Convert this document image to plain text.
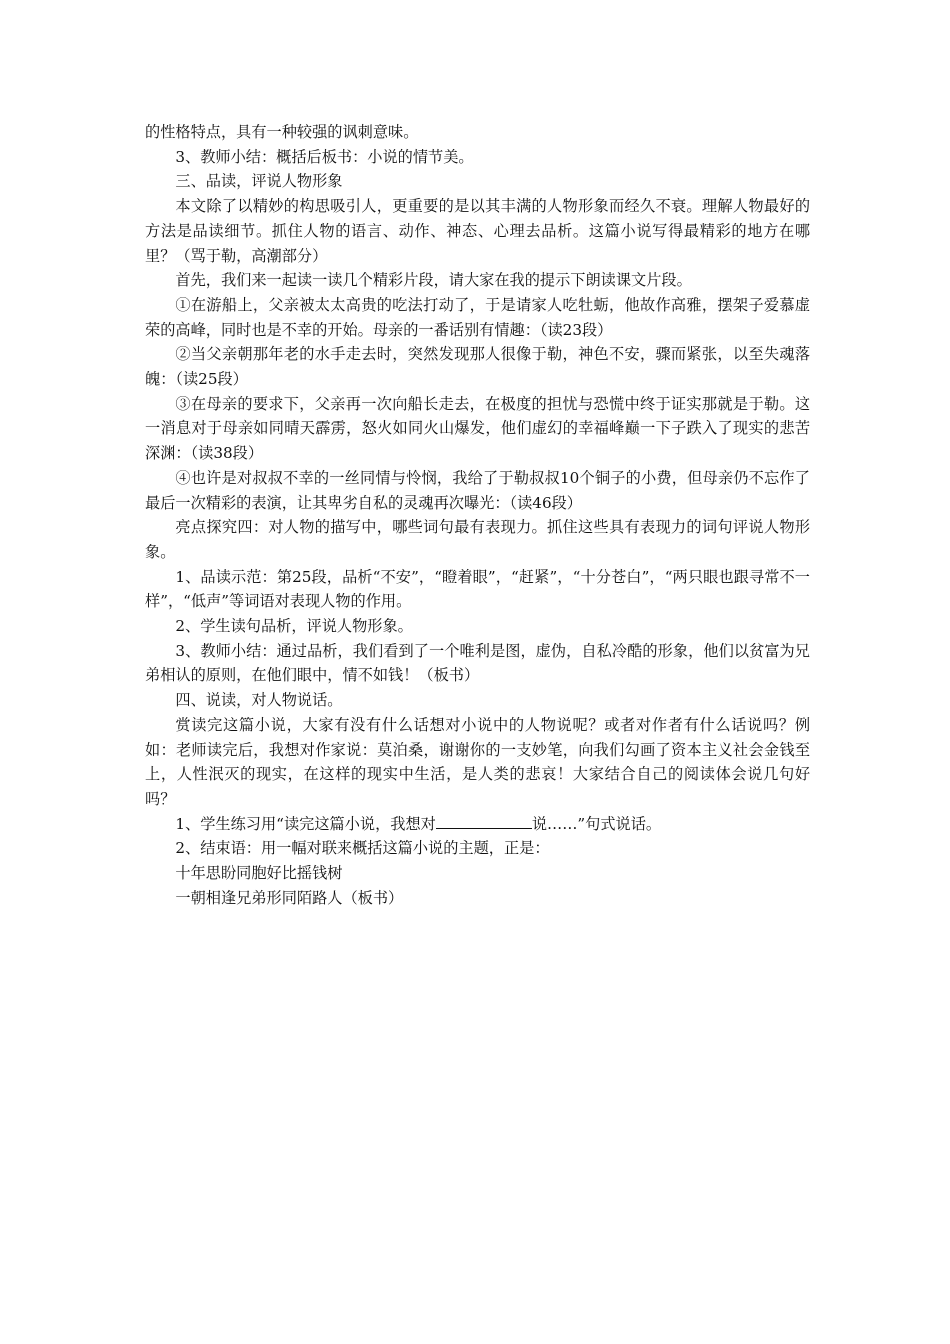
的性格特点，具有一种较强的讽刺意味。

3、教师小结：概括后板书：小说的情节美。

三、品读，评说人物形象

本文除了以精妙的构思吸引人，更重要的是以其丰满的人物形象而经久不衰。理解人物最好的方法是品读细节。抓住人物的语言、动作、神态、心理去品析。这篇小说写得最精彩的地方在哪里？（骂于勒，高潮部分）

首先，我们来一起读一读几个精彩片段，请大家在我的提示下朗读课文片段。

①在游船上，父亲被太太高贵的吃法打动了，于是请家人吃牡蛎，他故作高雅，摆架子爱慕虚荣的高峰，同时也是不幸的开始。母亲的一番话别有情趣：（读23段）

②当父亲朝那年老的水手走去时，突然发现那人很像于勒，神色不安，骤而紧张，以至失魂落魄：（读25段）

③在母亲的要求下，父亲再一次向船长走去，在极度的担忧与恐慌中终于证实那就是于勒。这一消息对于母亲如同晴天霹雳，怒火如同火山爆发，他们虚幻的幸福峰巅一下子跌入了现实的悲苦深渊：（读38段）

④也许是对叔叔不幸的一丝同情与怜悯，我给了于勒叔叔10个铜子的小费，但母亲仍不忘作了最后一次精彩的表演，让其卑劣自私的灵魂再次曝光：（读46段）

亮点探究四：对人物的描写中，哪些词句最有表现力。抓住这些具有表现力的词句评说人物形象。

1、品读示范：第25段，品析“不安”，“瞪着眼”，“赶紧”，“十分苍白”，“两只眼也跟寻常不一样”，“低声”等词语对表现人物的作用。

2、学生读句品析，评说人物形象。

3、教师小结：通过品析，我们看到了一个唯利是图，虚伪，自私冷酷的形象，他们以贫富为兄弟相认的原则，在他们眼中，情不如钱！（板书）

四、说读，对人物说话。

赏读完这篇小说，大家有没有什么话想对小说中的人物说呢？或者对作者有什么话说吗？例如：老师读完后，我想对作家说：莫泊桑，谢谢你的一支妙笔，向我们勾画了资本主义社会金钱至上，人性泯灭的现实，在这样的现实中生活，是人类的悲哀！大家结合自己的阅读体会说几句好吗？

1、学生练习用“读完这篇小说，我想对	说……”句式说话。

2、结束语：用一幅对联来概括这篇小说的主题，正是：

十年思盼同胞好比摇钱树

一朝相逢兄弟形同陌路人（板书）
